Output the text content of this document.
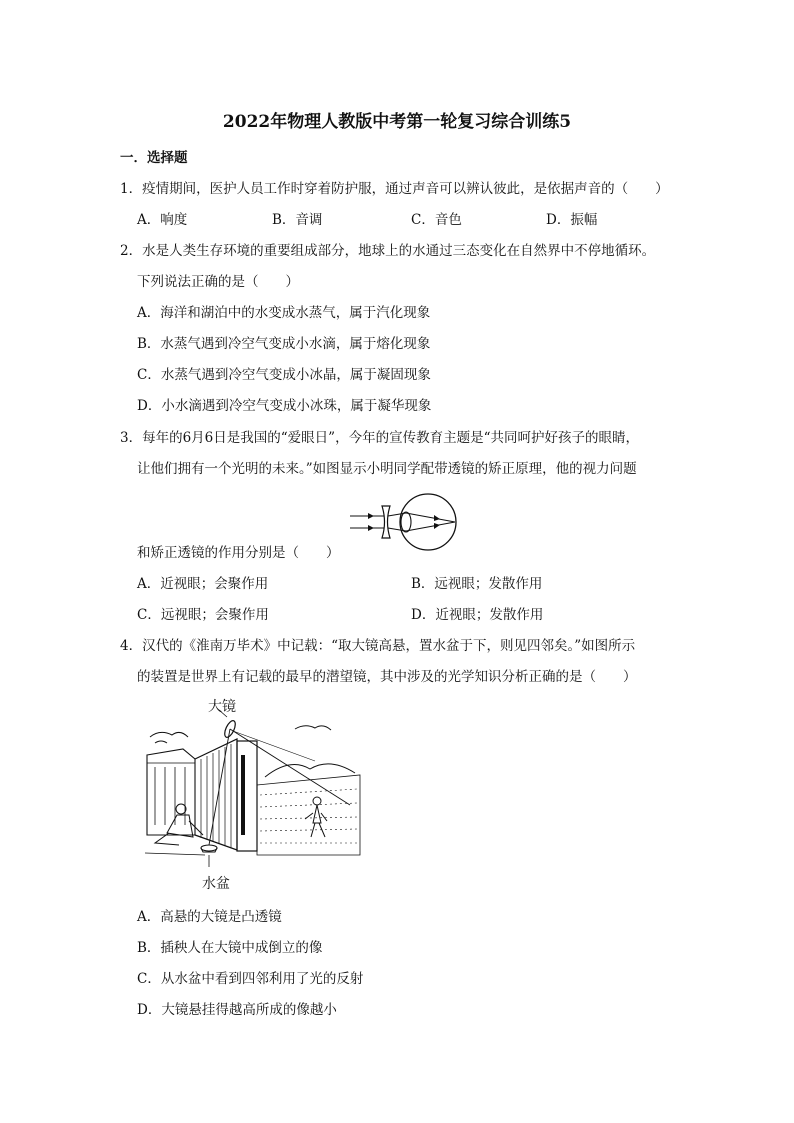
2022年物理人教版中考第一轮复习综合训练5
一．选择题
1．疫情期间，医护人员工作时穿着防护服，通过声音可以辨认彼此，是依据声音的（　　）
A．响度	B．音调	C．音色	D．振幅
2．水是人类生存环境的重要组成部分，地球上的水通过三态变化在自然界中不停地循环。
下列说法正确的是（　　）
A．海洋和湖泊中的水变成水蒸气，属于汽化现象
B．水蒸气遇到冷空气变成小水滴，属于熔化现象
C．水蒸气遇到冷空气变成小冰晶，属于凝固现象
D．小水滴遇到冷空气变成小冰珠，属于凝华现象
3．每年的6月6日是我国的“爱眼日”，今年的宣传教育主题是“共同呵护好孩子的眼睛，
让他们拥有一个光明的未来。”如图显示小明同学配带透镜的矫正原理，他的视力问题
和矫正透镜的作用分别是（　　）
A．近视眼；会聚作用	B．远视眼；发散作用
C．远视眼；会聚作用	D．近视眼；发散作用
4．汉代的《淮南万毕术》中记载：“取大镜高悬，置水盆于下，则见四邻矣。”如图所示
的装置是世界上有记载的最早的潜望镜，其中涉及的光学知识分析正确的是（　　）
大镜
水盆
A．高悬的大镜是凸透镜
B．插秧人在大镜中成倒立的像
C．从水盆中看到四邻利用了光的反射
D．大镜悬挂得越高所成的像越小
